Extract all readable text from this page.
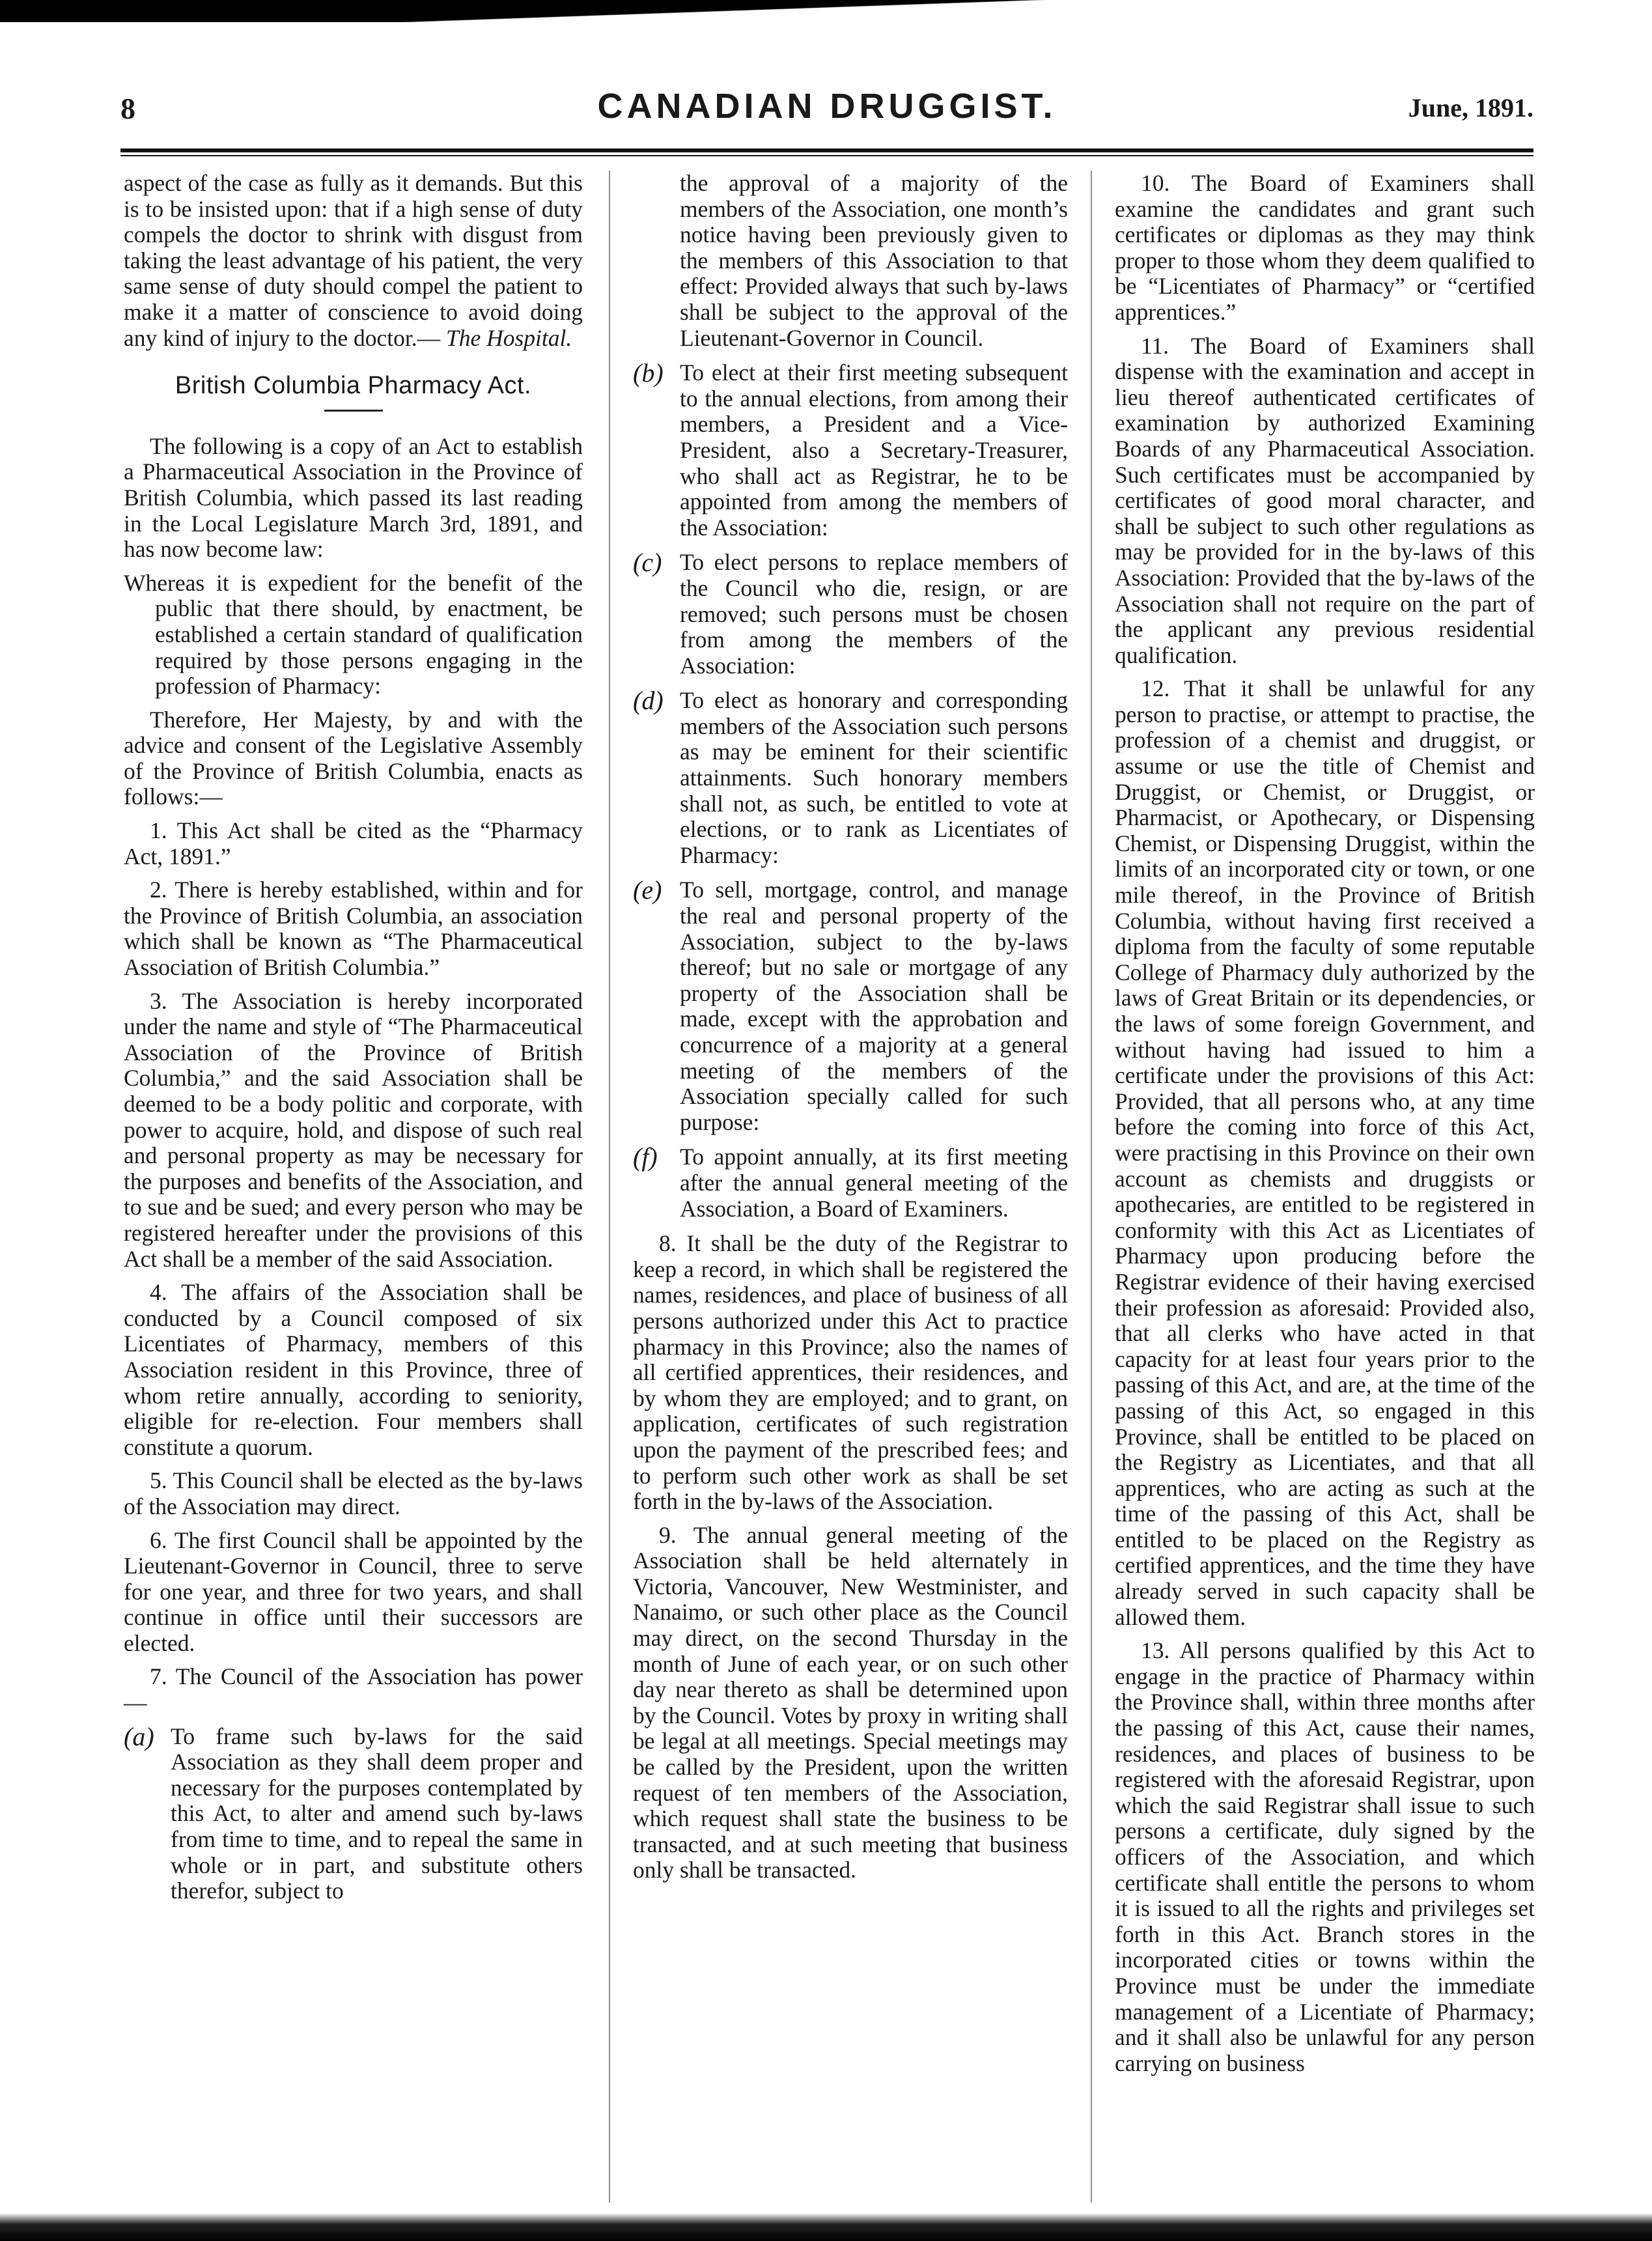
8	CANADIAN DRUGGIST.	June, 1891.

aspect of the case as fully as it demands. But this is to be insisted upon: that if a high sense of duty compels the doctor to shrink with disgust from taking the least advantage of his patient, the very same sense of duty should compel the patient to make it a matter of conscience to avoid doing any kind of injury to the doctor.— The Hospital.

British Columbia Pharmacy Act.

The following is a copy of an Act to establish a Pharmaceutical Association in the Province of British Columbia, which passed its last reading in the Local Legislature March 3rd, 1891, and has now become law:

Whereas it is expedient for the benefit of the public that there should, by enactment, be established a certain standard of qualification required by those persons engaging in the profession of Pharmacy:

Therefore, Her Majesty, by and with the advice and consent of the Legislative Assembly of the Province of British Columbia, enacts as follows:—

1. This Act shall be cited as the “Pharmacy Act, 1891.”

2. There is hereby established, within and for the Province of British Columbia, an association which shall be known as “The Pharmaceutical Association of British Columbia.”

3. The Association is hereby incorporated under the name and style of “The Pharmaceutical Association of the Province of British Columbia,” and the said Association shall be deemed to be a body politic and corporate, with power to acquire, hold, and dispose of such real and personal property as may be necessary for the purposes and benefits of the Association, and to sue and be sued; and every person who may be registered hereafter under the provisions of this Act shall be a member of the said Association.

4. The affairs of the Association shall be conducted by a Council composed of six Licentiates of Pharmacy, members of this Association resident in this Province, three of whom retire annually, according to seniority, eligible for re-election. Four members shall constitute a quorum.

5. This Council shall be elected as the by-laws of the Association may direct.

6. The first Council shall be appointed by the Lieutenant-Governor in Council, three to serve for one year, and three for two years, and shall continue in office until their successors are elected.

7. The Council of the Association has power—

(a) To frame such by-laws for the said Association as they shall deem proper and necessary for the purposes contemplated by this Act, to alter and amend such by-laws from time to time, and to repeal the same in whole or in part, and substitute others therefor, subject to
the approval of a majority of the members of the Association, one month’s notice having been previously given to the members of this Association to that effect: Provided always that such by-laws shall be subject to the approval of the Lieutenant-Governor in Council.
(b) To elect at their first meeting subsequent to the annual elections, from among their members, a President and a Vice-President, also a Secretary-Treasurer, who shall act as Registrar, he to be appointed from among the members of the Association:
(c) To elect persons to replace members of the Council who die, resign, or are removed; such persons must be chosen from among the members of the Association:
(d) To elect as honorary and corresponding members of the Association such persons as may be eminent for their scientific attainments. Such honorary members shall not, as such, be entitled to vote at elections, or to rank as Licentiates of Pharmacy:
(e) To sell, mortgage, control, and manage the real and personal property of the Association, subject to the by-laws thereof; but no sale or mortgage of any property of the Association shall be made, except with the approbation and concurrence of a majority at a general meeting of the members of the Association specially called for such purpose:
(f) To appoint annually, at its first meeting after the annual general meeting of the Association, a Board of Examiners.

8. It shall be the duty of the Registrar to keep a record, in which shall be registered the names, residences, and place of business of all persons authorized under this Act to practice pharmacy in this Province; also the names of all certified apprentices, their residences, and by whom they are employed; and to grant, on application, certificates of such registration upon the payment of the prescribed fees; and to perform such other work as shall be set forth in the by-laws of the Association.

9. The annual general meeting of the Association shall be held alternately in Victoria, Vancouver, New Westminister, and Nanaimo, or such other place as the Council may direct, on the second Thursday in the month of June of each year, or on such other day near thereto as shall be determined upon by the Council. Votes by proxy in writing shall be legal at all meetings. Special meetings may be called by the President, upon the written request of ten members of the Association, which request shall state the business to be transacted, and at such meeting that business only shall be transacted.

10. The Board of Examiners shall examine the candidates and grant such certificates or diplomas as they may think proper to those whom they deem qualified to be “Licentiates of Pharmacy” or “certified apprentices.”

11. The Board of Examiners shall dispense with the examination and accept in lieu thereof authenticated certificates of examination by authorized Examining Boards of any Pharmaceutical Association. Such certificates must be accompanied by certificates of good moral character, and shall be subject to such other regulations as may be provided for in the by-laws of this Association: Provided that the by-laws of the Association shall not require on the part of the applicant any previous residential qualification.

12. That it shall be unlawful for any person to practise, or attempt to practise, the profession of a chemist and druggist, or assume or use the title of Chemist and Druggist, or Chemist, or Druggist, or Pharmacist, or Apothecary, or Dispensing Chemist, or Dispensing Druggist, within the limits of an incorporated city or town, or one mile thereof, in the Province of British Columbia, without having first received a diploma from the faculty of some reputable College of Pharmacy duly authorized by the laws of Great Britain or its dependencies, or the laws of some foreign Government, and without having had issued to him a certificate under the provisions of this Act: Provided, that all persons who, at any time before the coming into force of this Act, were practising in this Province on their own account as chemists and druggists or apothecaries, are entitled to be registered in conformity with this Act as Licentiates of Pharmacy upon producing before the Registrar evidence of their having exercised their profession as aforesaid: Provided also, that all clerks who have acted in that capacity for at least four years prior to the passing of this Act, and are, at the time of the passing of this Act, so engaged in this Province, shall be entitled to be placed on the Registry as Licentiates, and that all apprentices, who are acting as such at the time of the passing of this Act, shall be entitled to be placed on the Registry as certified apprentices, and the time they have already served in such capacity shall be allowed them.

13. All persons qualified by this Act to engage in the practice of Pharmacy within the Province shall, within three months after the passing of this Act, cause their names, residences, and places of business to be registered with the aforesaid Registrar, upon which the said Registrar shall issue to such persons a certificate, duly signed by the officers of the Association, and which certificate shall entitle the persons to whom it is issued to all the rights and privileges set forth in this Act. Branch stores in the incorporated cities or towns within the Province must be under the immediate management of a Licentiate of Pharmacy; and it shall also be unlawful for any person carrying on business
